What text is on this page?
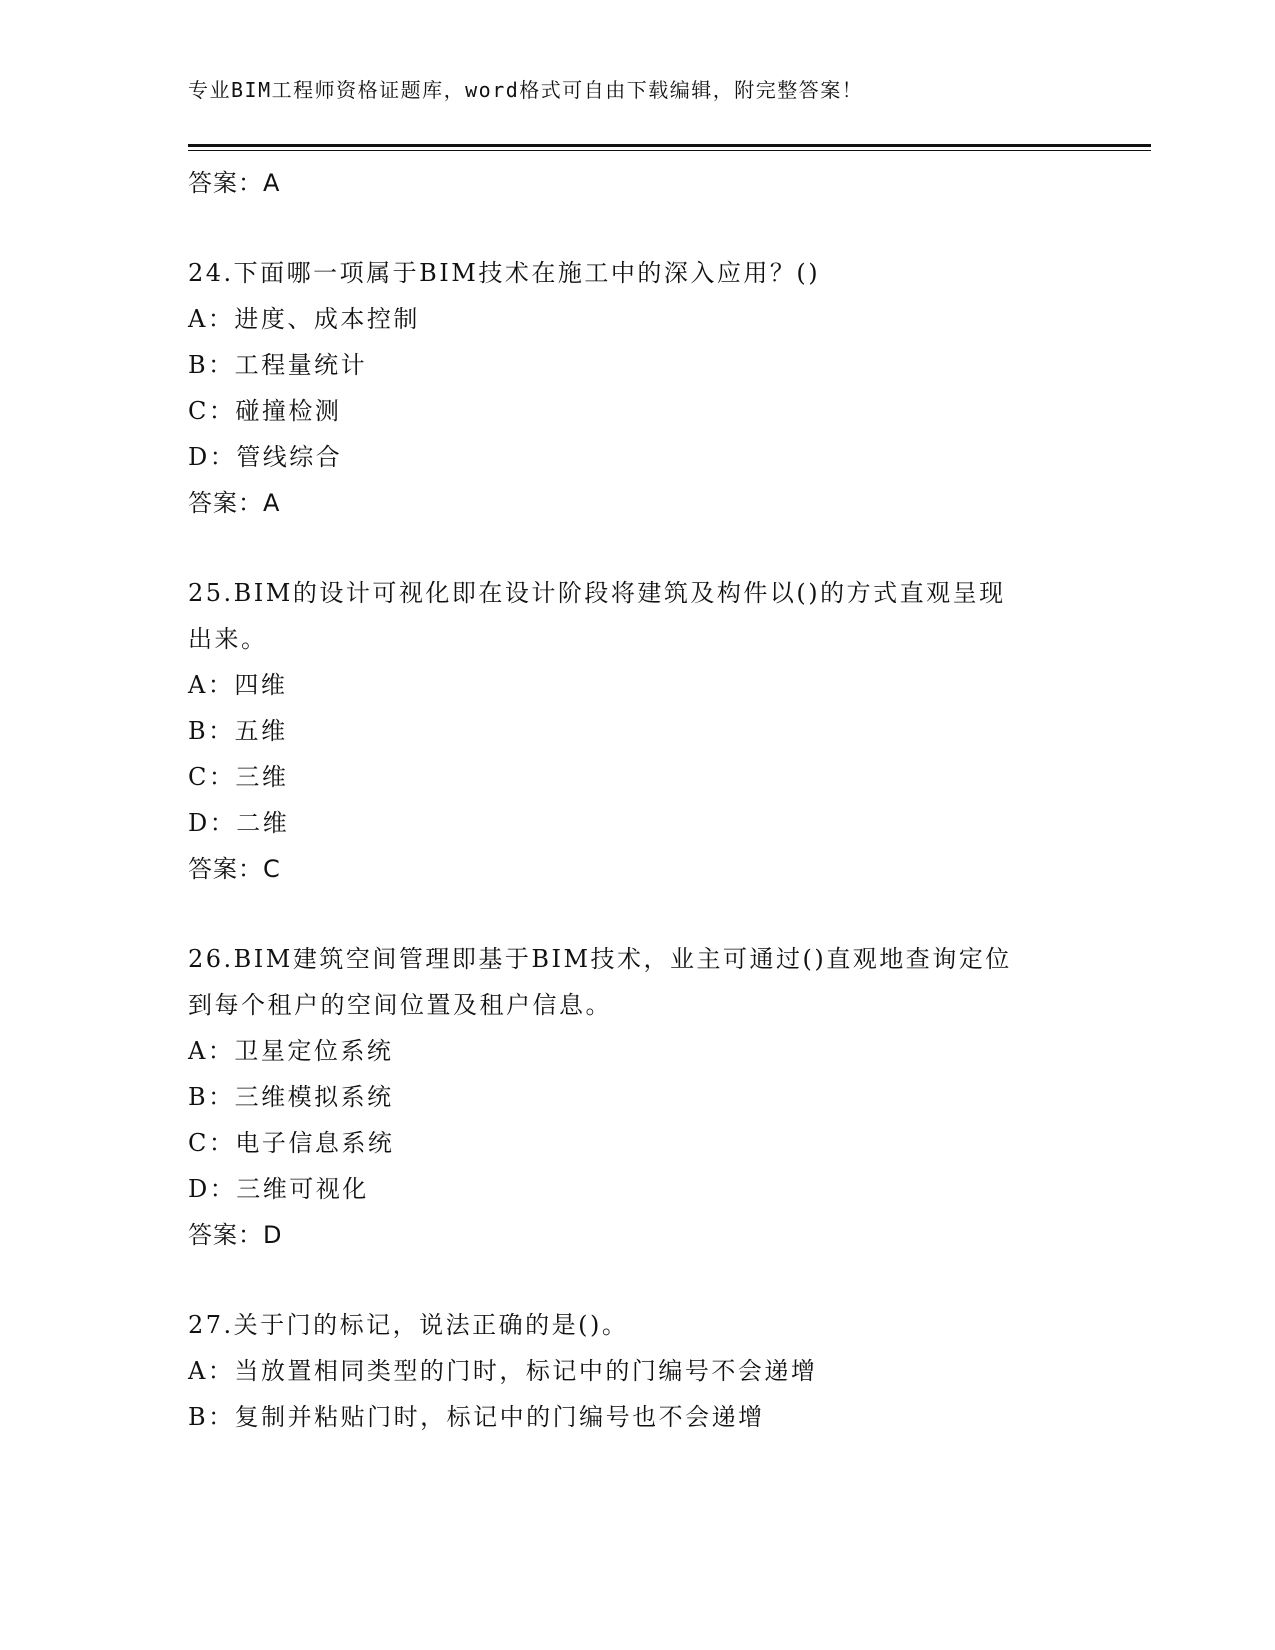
专业BIM工程师资格证题库，word格式可自由下载编辑，附完整答案！
答案：A
24.下面哪一项属于BIM技术在施工中的深入应用？()
A：进度、成本控制
B：工程量统计
C：碰撞检测
D：管线综合
答案：A
25.BIM的设计可视化即在设计阶段将建筑及构件以()的方式直观呈现
出来。
A：四维
B：五维
C：三维
D：二维
答案：C
26.BIM建筑空间管理即基于BIM技术，业主可通过()直观地查询定位
到每个租户的空间位置及租户信息。
A：卫星定位系统
B：三维模拟系统
C：电子信息系统
D：三维可视化
答案：D
27.关于门的标记，说法正确的是()。
A：当放置相同类型的门时，标记中的门编号不会递增
B：复制并粘贴门时，标记中的门编号也不会递增
